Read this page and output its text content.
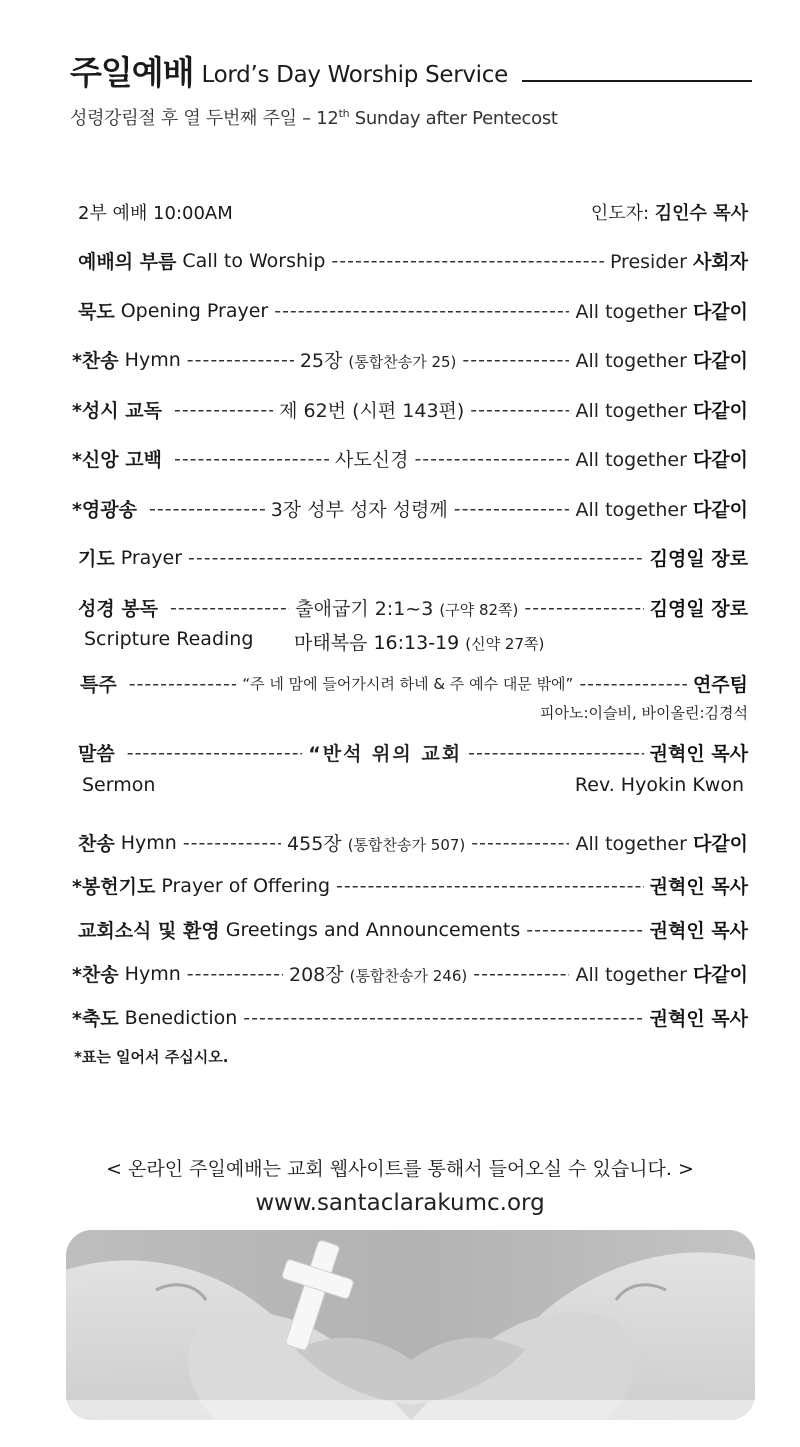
주일예배 Lord’s Day Worship Service
성령강림절 후 열 두번째 주일 – 12th Sunday after Pentecost
2부 예배 10:00AM	인도자: 김인수 목사
예배의 부름 Call to Worship -----	Presider 사회자
묵도 Opening Prayer -----	All together 다같이
*찬송 Hymn -----	25장 (통합찬송가 25) -----	All together 다같이
*성시 교독 -----	제 62번 (시편 143편) -----	All together 다같이
*신앙 고백 -----	사도신경 -----	All together 다같이
*영광송 -----	3장 성부 성자 성령께 -----	All together 다같이
기도 Prayer -----	김영일 장로
성경 봉독 -----	출애굽기 2:1~3 (구약 82쪽) -----	김영일 장로
Scripture Reading 마태복음 16:13-19 (신약 27쪽)
특주 -----	“주 네 맘에 들어가시려 하네 & 주 예수 대문 밖에” -----	연주팀
피아노:이슬비, 바이올린:김경석
말씀 -----	“반석 위의 교회 -----	권혁인 목사
Sermon	Rev. Hyokin Kwon
찬송 Hymn -----	455장 (통합찬송가 507) -----	All together 다같이
*봉헌기도 Prayer of Offering -----	권혁인 목사
교회소식 및 환영 Greetings and Announcements -----	권혁인 목사
*찬송 Hymn -----	208장 (통합찬송가 246) -----	All together 다같이
*축도 Benediction -----	권혁인 목사
*표는 일어서 주십시오.
< 온라인 주일예배는 교회 웹사이트를 통해서 들어오실 수 있습니다. >
www.santaclarakumc.org
